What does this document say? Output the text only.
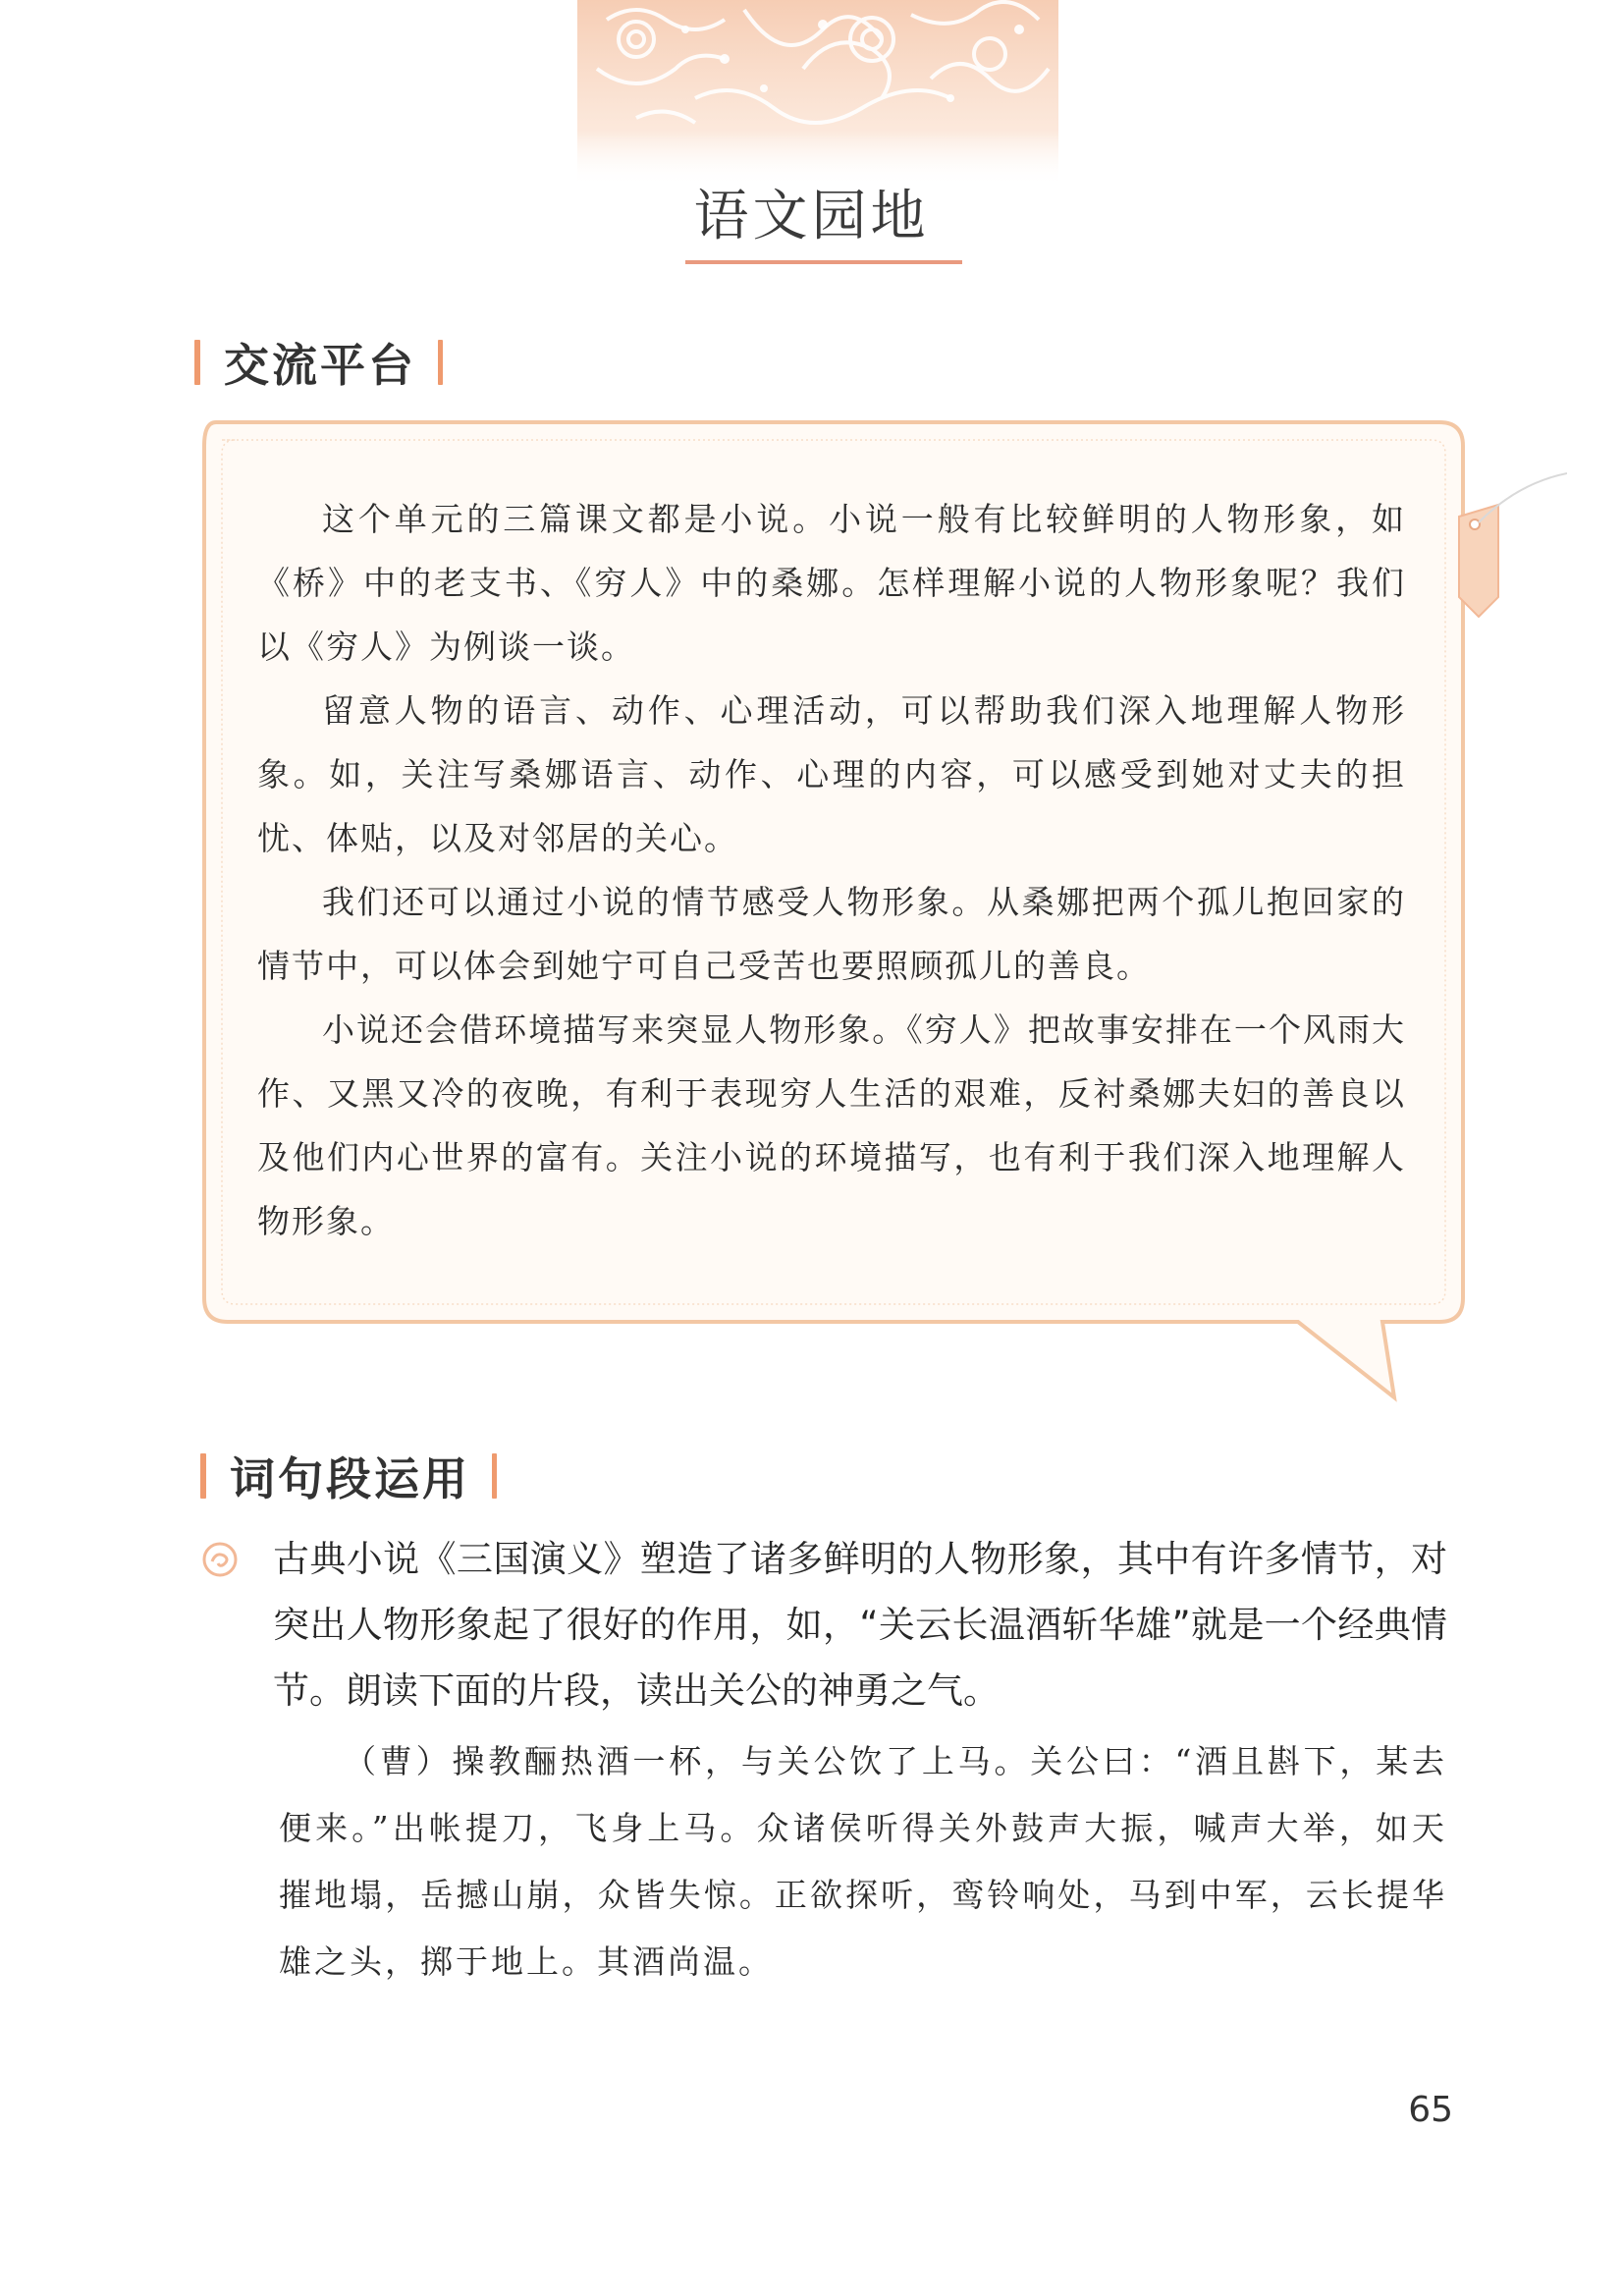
语文园地
交流平台

这个单元的三篇课文都是小说。小说一般有比较鲜明的人物形象，如《桥》中的老支书、《穷人》中的桑娜。怎样理解小说的人物形象呢？我们以《穷人》为例谈一谈。

留意人物的语言、动作、心理活动，可以帮助我们深入地理解人物形象。如，关注写桑娜语言、动作、心理的内容，可以感受到她对丈夫的担忧、体贴，以及对邻居的关心。

我们还可以通过小说的情节感受人物形象。从桑娜把两个孤儿抱回家的情节中，可以体会到她宁可自己受苦也要照顾孤儿的善良。

小说还会借环境描写来突显人物形象。《穷人》把故事安排在一个风雨大作、又黑又冷的夜晚，有利于表现穷人生活的艰难，反衬桑娜夫妇的善良以及他们内心世界的富有。关注小说的环境描写，也有利于我们深入地理解人物形象。

词句段运用
古典小说《三国演义》塑造了诸多鲜明的人物形象，其中有许多情节，对突出人物形象起了很好的作用，如，“关云长温酒斩华雄”就是一个经典情节。朗读下面的片段，读出关公的神勇之气。
（曹）操教酾热酒一杯，与关公饮了上马。关公曰：“酒且斟下，某去便来。”出帐提刀，飞身上马。众诸侯听得关外鼓声大振，喊声大举，如天摧地塌，岳撼山崩，众皆失惊。正欲探听，鸾铃响处，马到中军，云长提华雄之头，掷于地上。其酒尚温。
65
